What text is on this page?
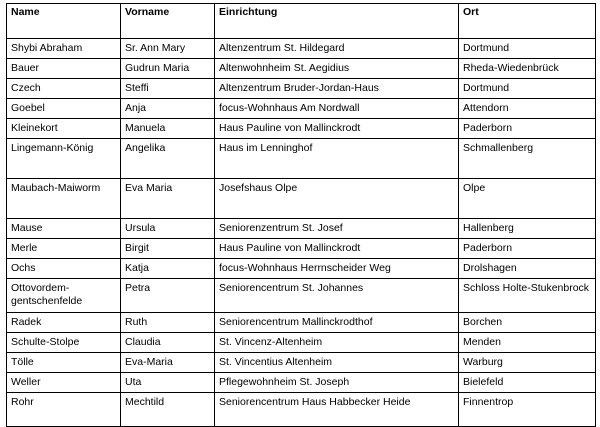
Name	Vorname	Einrichtung	Ort
Shybi Abraham	Sr. Ann Mary	Altenzentrum St. Hildegard	Dortmund
Bauer	Gudrun Maria	Altenwohnheim St. Aegidius	Rheda-Wiedenbrück
Czech	Steffi	Altenzentrum Bruder-Jordan-Haus	Dortmund
Goebel	Anja	focus-Wohnhaus Am Nordwall	Attendorn
Kleinekort	Manuela	Haus Pauline von Mallinckrodt	Paderborn
Lingemann-König	Angelika	Haus im Lenninghof	Schmallenberg
Maubach-Maiworm	Eva Maria	Josefshaus Olpe	Olpe
Mause	Ursula	Seniorenzentrum St. Josef	Hallenberg
Merle	Birgit	Haus Pauline von Mallinckrodt	Paderborn
Ochs	Katja	focus-Wohnhaus Herrnscheider Weg	Drolshagen
Ottovordem-gentschenfelde	Petra	Seniorencentrum St. Johannes	Schloss Holte-Stukenbrock
Radek	Ruth	Seniorencentrum Mallinckrodthof	Borchen
Schulte-Stolpe	Claudia	St. Vincenz-Altenheim	Menden
Tölle	Eva-Maria	St. Vincentius Altenheim	Warburg
Weller	Uta	Pflegewohnheim St. Joseph	Bielefeld
Rohr	Mechtild	Seniorencentrum Haus Habbecker Heide	Finnentrop
